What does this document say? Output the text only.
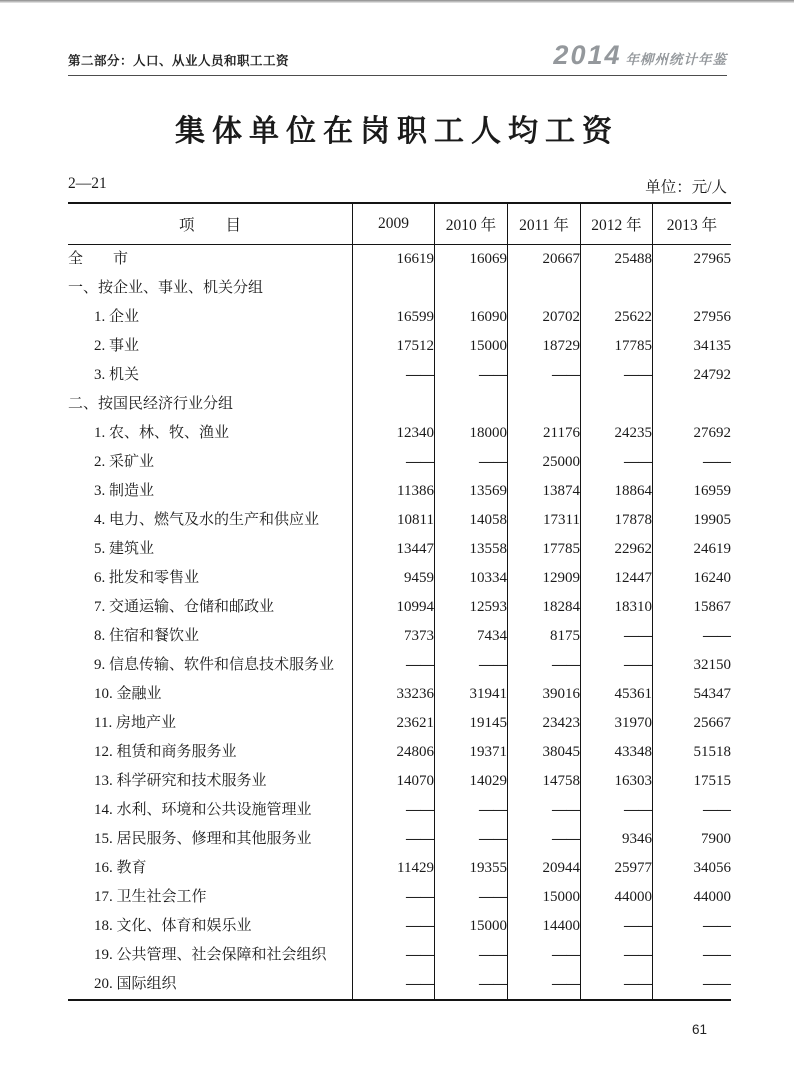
第二部分：人口、从业人员和职工工资	2014 年柳州统计年鉴
集体单位在岗职工人均工资
2—21	单位：元/人
项　　目	2009	2010 年	2011 年	2012 年	2013 年
全　　市	16619	16069	20667	25488	27965
一、按企业、事业、机关分组					
1. 企业	16599	16090	20702	25622	27956
2. 事业	17512	15000	18729	17785	34135
3. 机关	——	——	——	——	24792
二、按国民经济行业分组					
1. 农、林、牧、渔业	12340	18000	21176	24235	27692
2. 采矿业	——	——	25000	——	——
3. 制造业	11386	13569	13874	18864	16959
4. 电力、燃气及水的生产和供应业	10811	14058	17311	17878	19905
5. 建筑业	13447	13558	17785	22962	24619
6. 批发和零售业	9459	10334	12909	12447	16240
7. 交通运输、仓储和邮政业	10994	12593	18284	18310	15867
8. 住宿和餐饮业	7373	7434	8175	——	——
9. 信息传输、软件和信息技术服务业	——	——	——	——	32150
10. 金融业	33236	31941	39016	45361	54347
11. 房地产业	23621	19145	23423	31970	25667
12. 租赁和商务服务业	24806	19371	38045	43348	51518
13. 科学研究和技术服务业	14070	14029	14758	16303	17515
14. 水利、环境和公共设施管理业	——	——	——	——	——
15. 居民服务、修理和其他服务业	——	——	——	9346	7900
16. 教育	11429	19355	20944	25977	34056
17. 卫生社会工作	——	——	15000	44000	44000
18. 文化、体育和娱乐业	——	15000	14400	——	——
19. 公共管理、社会保障和社会组织	——	——	——	——	——
20. 国际组织	——	——	——	——	——
61
